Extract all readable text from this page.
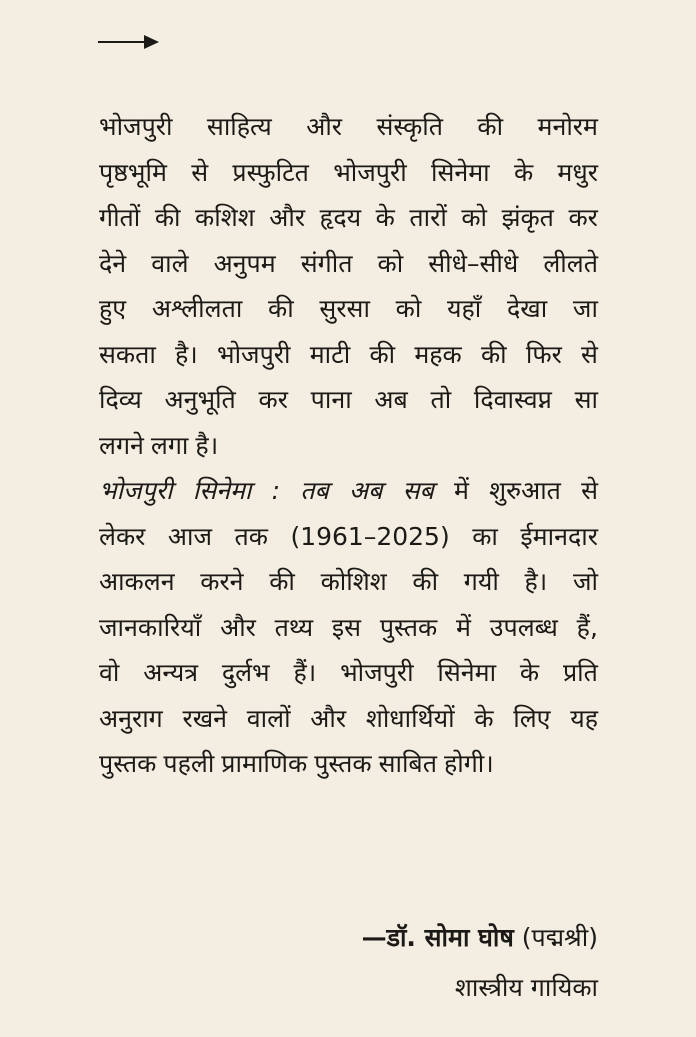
भोजपुरी साहित्य और संस्कृति की मनोरम
पृष्ठभूमि से प्रस्फुटित भोजपुरी सिनेमा के मधुर
गीतों की कशिश और हृदय के तारों को झंकृत कर
देने वाले अनुपम संगीत को सीधे–सीधे लीलते
हुए अश्लीलता की सुरसा को यहाँ देखा जा
सकता है। भोजपुरी माटी की महक की फिर से
दिव्य अनुभूति कर पाना अब तो दिवास्वप्न सा
लगने लगा है।
भोजपुरी सिनेमा : तब अब सब में शुरुआत से
लेकर आज तक (1961–2025) का ईमानदार
आकलन करने की कोशिश की गयी है। जो
जानकारियाँ और तथ्य इस पुस्तक में उपलब्ध हैं,
वो अन्यत्र दुर्लभ हैं। भोजपुरी सिनेमा के प्रति
अनुराग रखने वालों और शोधार्थियों के लिए यह
पुस्तक पहली प्रामाणिक पुस्तक साबित होगी।
—डॉ. सोमा घोष (पद्मश्री)
शास्त्रीय गायिका
